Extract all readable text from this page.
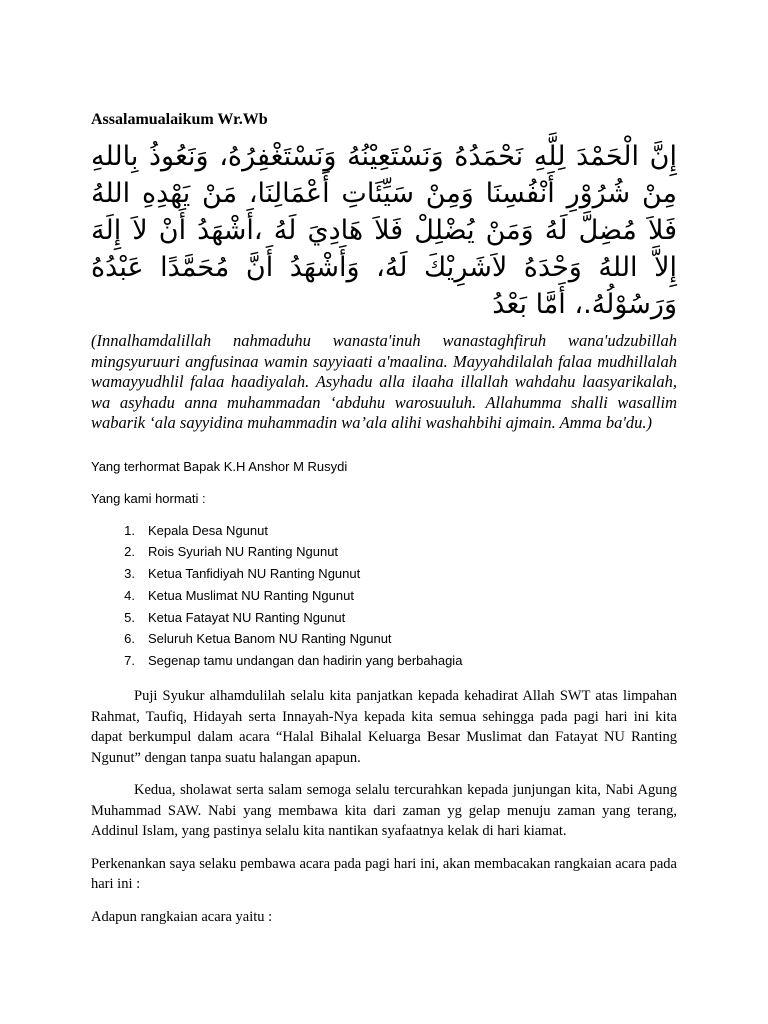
Assalamualaikum Wr.Wb

إِنَّ الْحَمْدَ لِلَّهِ نَحْمَدُهُ وَنَسْتَعِيْنُهُ وَنَسْتَغْفِرُهُ، وَنَعُوذُ بِاللهِ مِنْ شُرُوْرِ أَنْفُسِنَا وَمِنْ سَيِّئَاتِ أَعْمَالِنَا، مَنْ يَهْدِهِ اللهُ فَلاَ مُضِلَّ لَهُ وَمَنْ يُضْلِلْ فَلاَ هَادِيَ لَهُ ،أَشْهَدُ أَنْ لاَ إِلَهَ إِلاَّ اللهُ وَحْدَهُ لاَشَرِيْكَ لَهُ، وَأَشْهَدُ أَنَّ مُحَمَّدًا عَبْدُهُ وَرَسُوْلُهُ.، أَمَّا بَعْدُ

(Innalhamdalillah nahmaduhu wanasta'inuh wanastaghfiruh wana'udzubillah mingsyuruuri angfusinaa wamin sayyiaati a'maalina. Mayyahdilalah falaa mudhillalah wamayyudhlil falaa haadiyalah. Asyhadu alla ilaaha illallah wahdahu laasyarikalah, wa asyhadu anna muhammadan ‘abduhu warosuuluh. Allahumma shalli wasallim wabarik ‘ala sayyidina muhammadin wa’ala alihi washahbihi ajmain. Amma ba'du.)

Yang terhormat Bapak K.H Anshor M Rusydi

Yang kami hormati :

1. Kepala Desa Ngunut
2. Rois Syuriah NU Ranting Ngunut
3. Ketua Tanfidiyah NU Ranting Ngunut
4. Ketua Muslimat NU Ranting Ngunut
5. Ketua Fatayat NU Ranting Ngunut
6. Seluruh Ketua Banom NU Ranting Ngunut
7. Segenap tamu undangan dan hadirin yang berbahagia

Puji Syukur alhamdulilah selalu kita panjatkan kepada kehadirat Allah SWT atas limpahan Rahmat, Taufiq, Hidayah serta Innayah-Nya kepada kita semua sehingga pada pagi hari ini kita dapat berkumpul dalam acara “Halal Bihalal Keluarga Besar Muslimat dan Fatayat NU Ranting Ngunut” dengan tanpa suatu halangan apapun.

Kedua, sholawat serta salam semoga selalu tercurahkan kepada junjungan kita, Nabi Agung Muhammad SAW. Nabi yang membawa kita dari zaman yg gelap menuju zaman yang terang, Addinul Islam, yang pastinya selalu kita nantikan syafaatnya kelak di hari kiamat.

Perkenankan saya selaku pembawa acara pada pagi hari ini, akan membacakan rangkaian acara pada hari ini :

Adapun rangkaian acara yaitu :
